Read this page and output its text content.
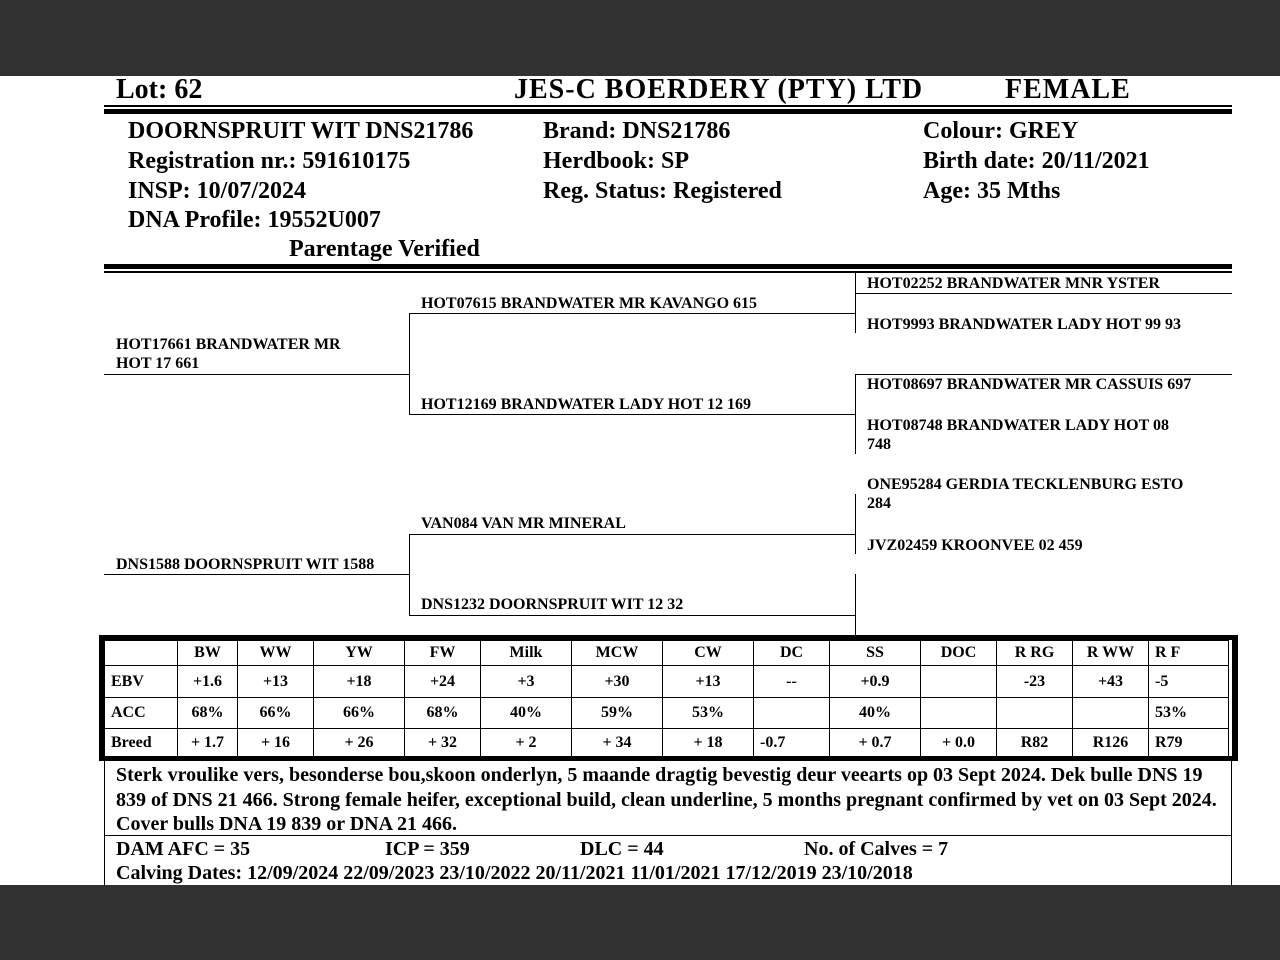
Lot: 62	JES-C BOERDERY (PTY) LTD	FEMALE
DOORNSPRUIT WIT DNS21786
Registration nr.: 591610175
INSP: 10/07/2024
DNA Profile: 19552U007
Parentage Verified
Brand: DNS21786
Herdbook: SP
Reg. Status: Registered
Colour: GREY
Birth date: 20/11/2021
Age: 35 Mths
HOT17661 BRANDWATER MR
HOT 17 661
DNS1588 DOORNSPRUIT WIT 1588
HOT07615 BRANDWATER MR KAVANGO 615
HOT12169 BRANDWATER LADY HOT 12 169
VAN084 VAN MR MINERAL
DNS1232 DOORNSPRUIT WIT 12 32
HOT02252 BRANDWATER MNR YSTER
HOT9993 BRANDWATER LADY HOT 99 93
HOT08697 BRANDWATER MR CASSUIS 697
HOT08748 BRANDWATER LADY HOT 08
748
ONE95284 GERDIA TECKLENBURG ESTO
284
JVZ02459 KROONVEE 02 459
	BW	WW	YW	FW	Milk	MCW	CW	DC	SS	DOC	R RG	R WW	R F
EBV	+1.6	+13	+18	+24	+3	+30	+13	--	+0.9		-23	+43	-5
ACC	68%	66%	66%	68%	40%	59%	53%		40%				53%
Breed	+ 1.7	+ 16	+ 26	+ 32	+ 2	+ 34	+ 18	-0.7	+ 0.7	+ 0.0	R82	R126	R79
Sterk vroulike vers, besonderse bou,skoon onderlyn, 5 maande dragtig bevestig deur veearts op 03 Sept 2024. Dek bulle DNS 19 839 of DNS 21 466. Strong female heifer, exceptional build, clean underline, 5 months pregnant confirmed by vet on 03 Sept 2024. Cover bulls DNA 19 839 or DNA 21 466.
DAM AFC = 35	ICP = 359	DLC = 44	No. of Calves = 7
Calving Dates: 12/09/2024 22/09/2023 23/10/2022 20/11/2021 11/01/2021 17/12/2019 23/10/2018
